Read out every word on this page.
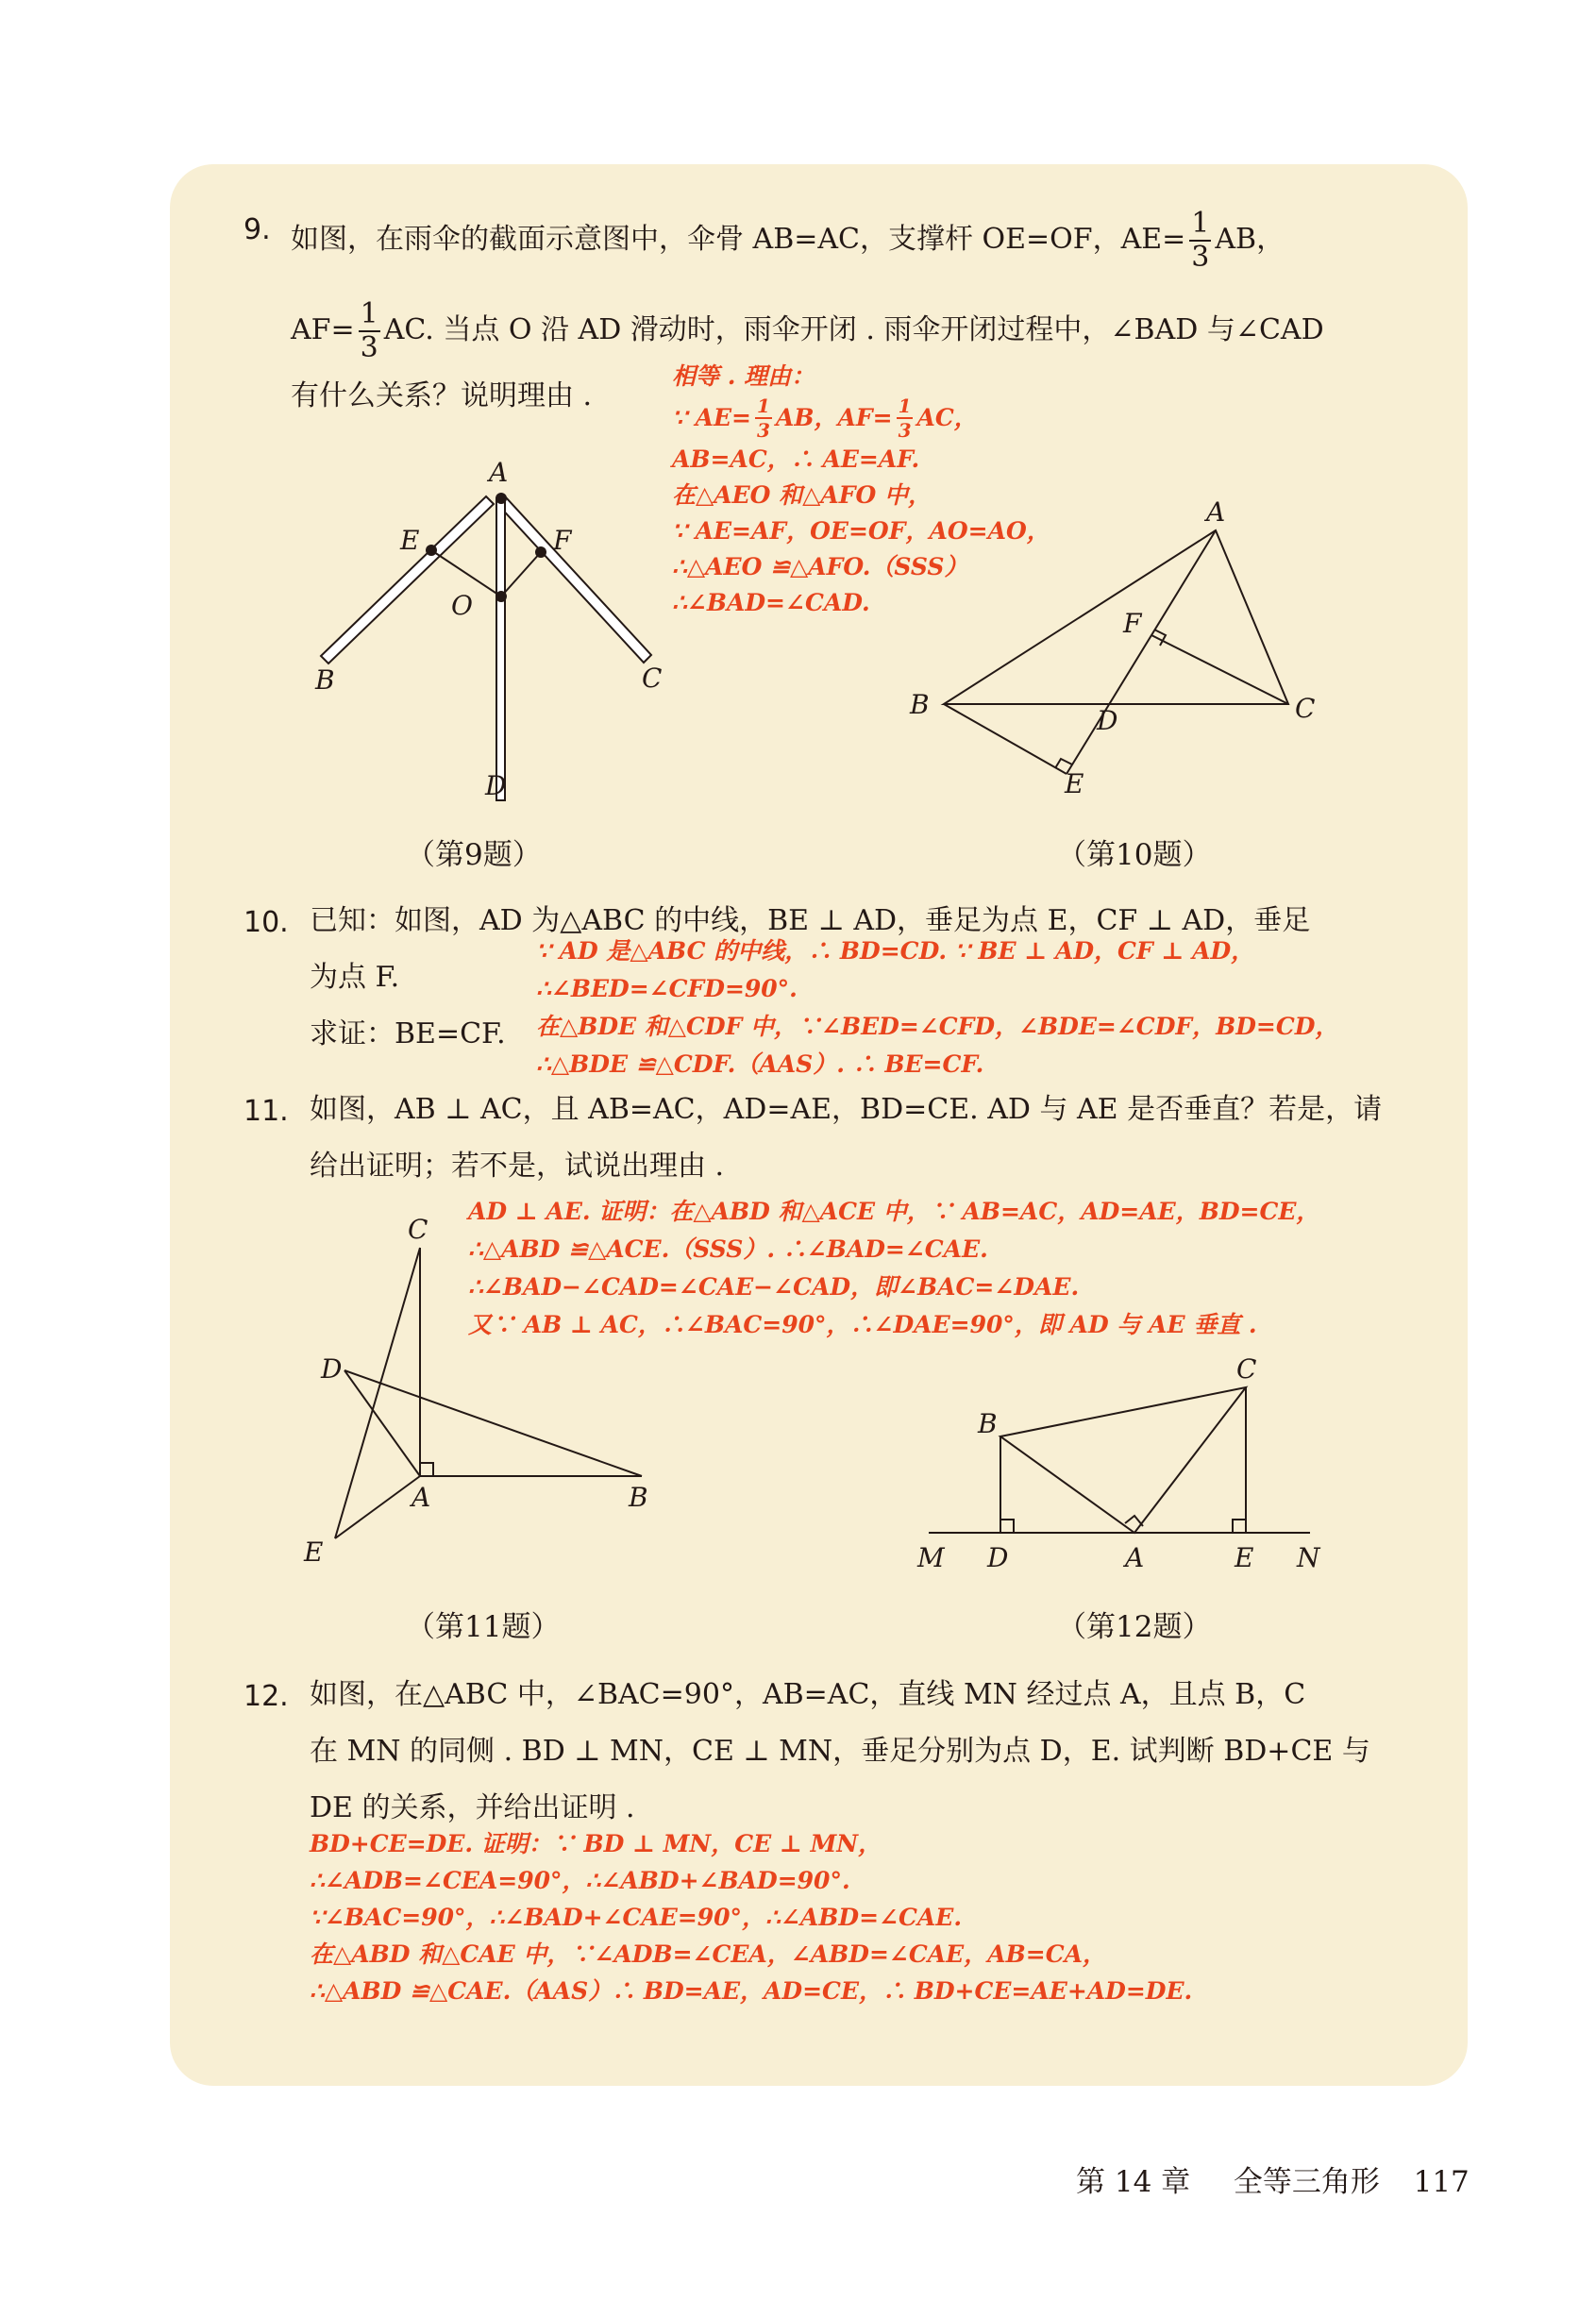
9. 如图，在雨伞的截面示意图中，伞骨 AB=AC，支撑杆 OE=OF，$AE= \frac{1}{3}$ AB，
$AF= \frac{1}{3}$ AC. 当点 O 沿 AD 滑动时，雨伞开闭 . 雨伞开闭过程中，∠BAD 与∠CAD
有什么关系？说明理由 .
相等 . 理由：
∵ $AE= \frac{1}{3}$ AB，$AF= \frac{1}{3}$ AC，
AB=AC，∴ AE=AF.
在△AEO 和△AFO 中，
∵ AE=AF，OE=OF，AO=AO，
∴△AEO ≌△AFO.（SSS）
∴∠BAD=∠CAD.
A
E	F
O
B	C
D
（第9题）
A
F
B
D	C
E
（第10题）
10. 已知：如图，AD 为△ABC 的中线，BE ⊥ AD，垂足为点 E，CF ⊥ AD，垂足
为点 F.
求证：BE=CF.
∵ AD 是△ABC 的中线，∴ BD=CD. ∵ BE ⊥ AD，CF ⊥ AD，
∴∠BED=∠CFD=90°.
在△BDE 和△CDF 中，∵∠BED=∠CFD，∠BDE=∠CDF，BD=CD，
∴△BDE ≌△CDF.（AAS）. ∴ BE=CF.
11. 如图，AB ⊥ AC，且 AB=AC，AD=AE，BD=CE. AD 与 AE 是否垂直？若是，请
给出证明；若不是，试说出理由 .
AD ⊥ AE. 证明：在△ABD 和△ACE 中，∵ AB=AC，AD=AE，BD=CE，
∴△ABD ≌△ACE.（SSS）. ∴∠BAD=∠CAE.
∴∠BAD−∠CAD=∠CAE−∠CAD，即∠BAC=∠DAE.
又∵ AB ⊥ AC，∴∠BAC=90°，∴∠DAE=90°，即 AD 与 AE 垂直 .
C
D
A	B
E
（第11题）
C
B
M D	A	E N
（第12题）
12. 如图，在△ABC 中，∠BAC=90°，AB=AC，直线 MN 经过点 A，且点 B，C
在 MN 的同侧 . BD ⊥ MN，CE ⊥ MN，垂足分别为点 D，E. 试判断 BD+CE 与
DE 的关系，并给出证明 .
BD+CE=DE. 证明：∵ BD ⊥ MN，CE ⊥ MN，
∴∠ADB=∠CEA=90°，∴∠ABD+∠BAD=90°.
∵∠BAC=90°，∴∠BAD+∠CAE=90°，∴∠ABD=∠CAE.
在△ABD 和△CAE 中，∵∠ADB=∠CEA，∠ABD=∠CAE，AB=CA，
∴△ABD ≌△CAE.（AAS）∴ BD=AE，AD=CE，∴ BD+CE=AE+AD=DE.
第 14 章 全等三角形 117
